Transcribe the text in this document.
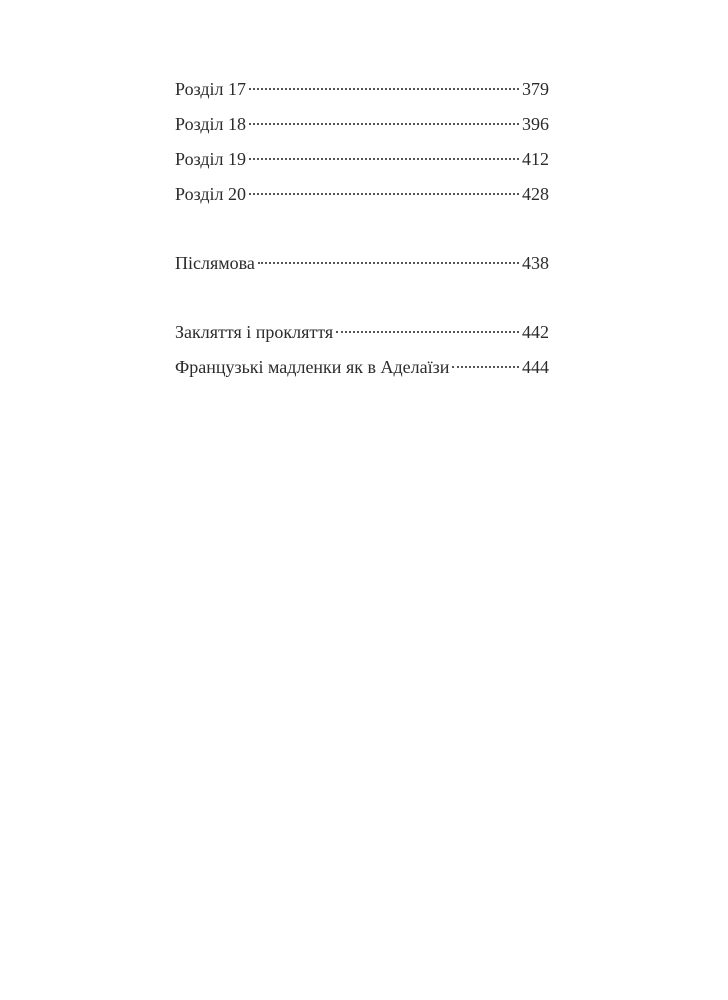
Розділ 17	379
Розділ 18	396
Розділ 19	412
Розділ 20	428
Післямова	438
Закляття і прокляття	442
Французькі мадленки як в Аделаїзи	444
